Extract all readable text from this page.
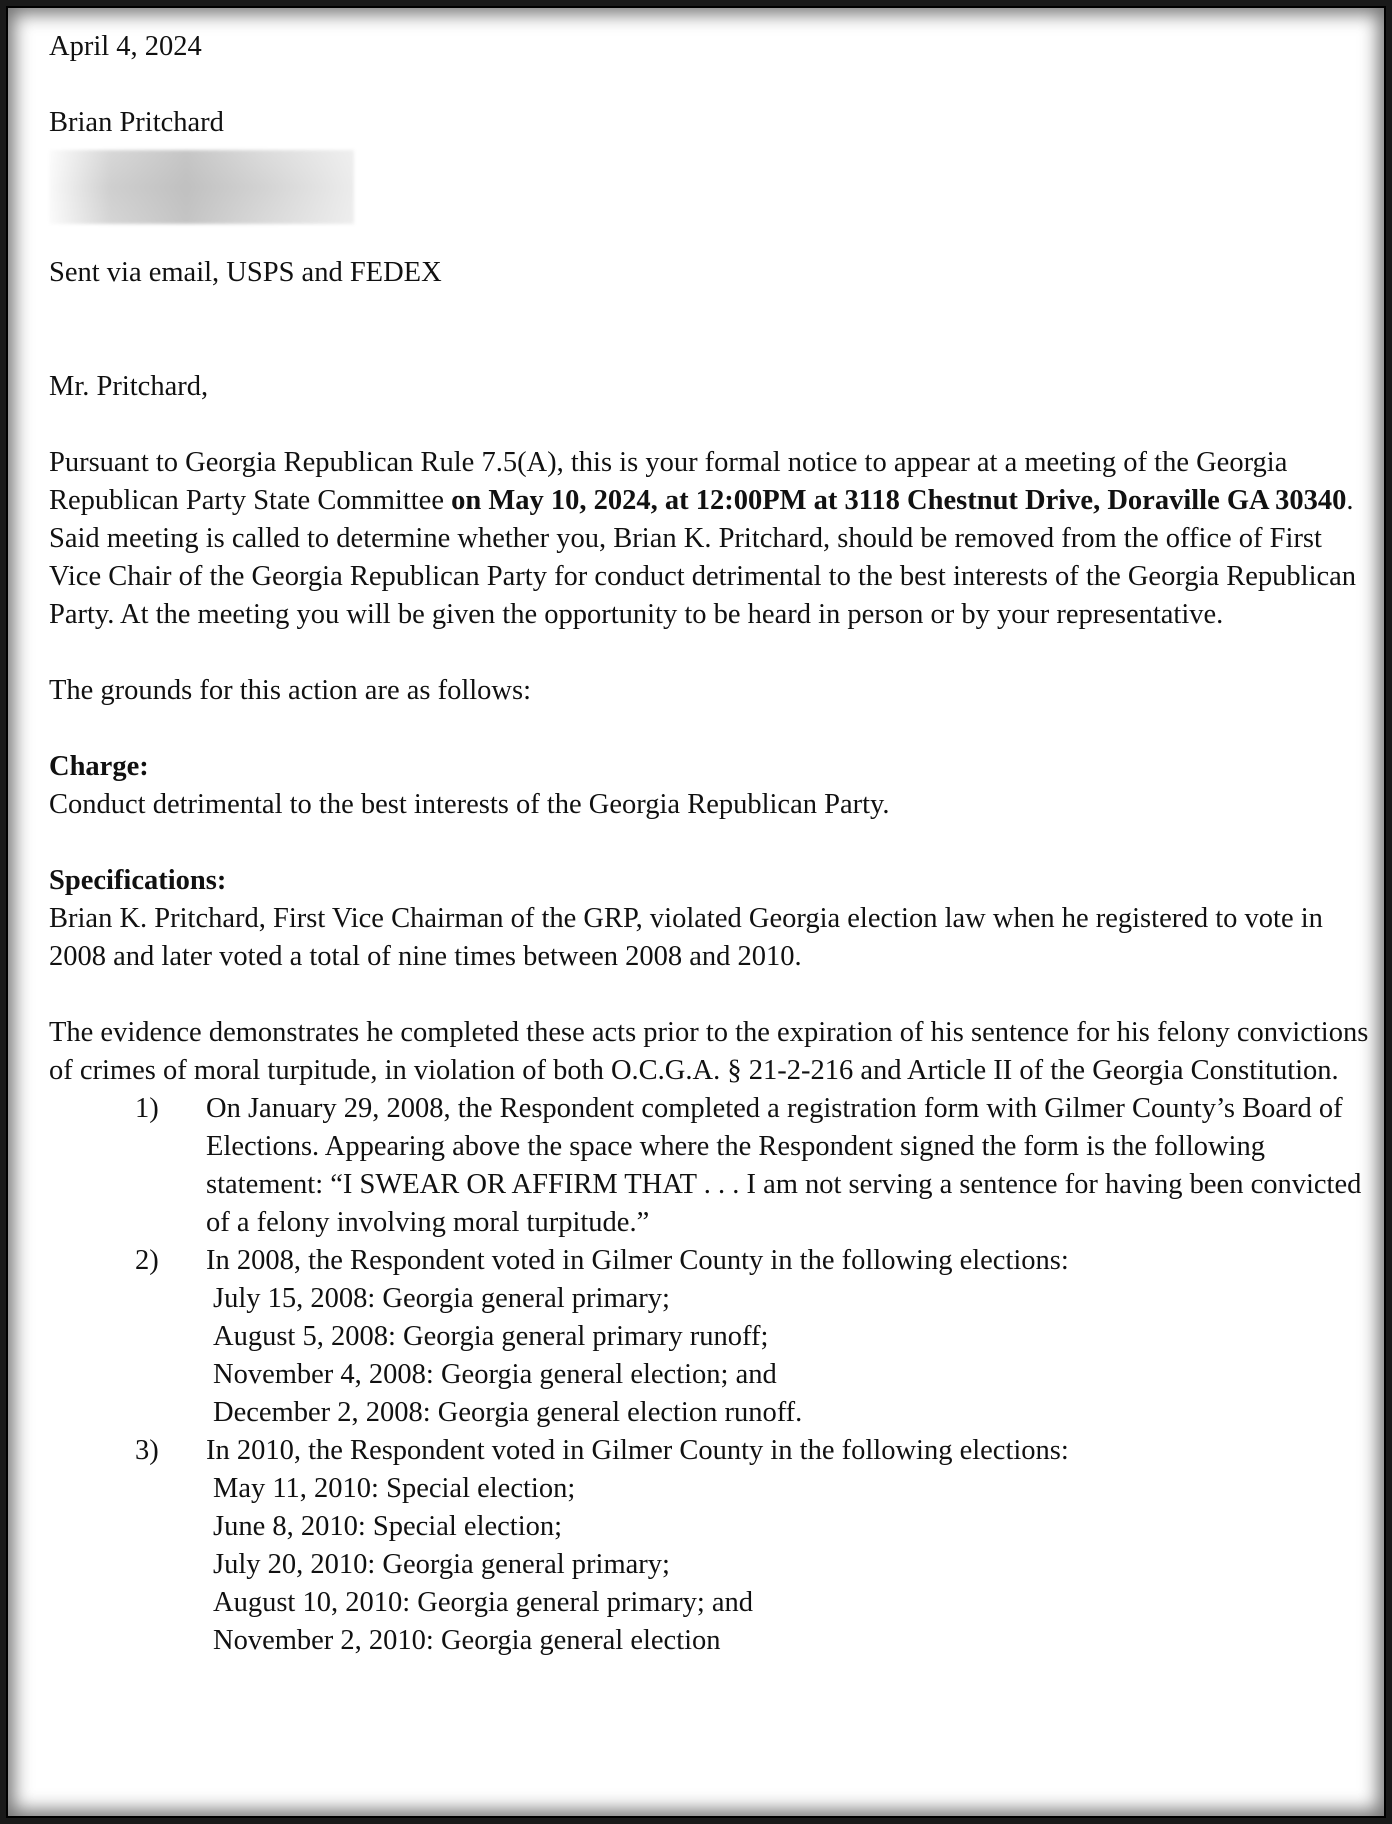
April 4, 2024

Brian Pritchard

Sent via email, USPS and FEDEX

Mr. Pritchard,

Pursuant to Georgia Republican Rule 7.5(A), this is your formal notice to appear at a meeting of the Georgia Republican Party State Committee on May 10, 2024, at 12:00PM at 3118 Chestnut Drive, Doraville GA 30340. Said meeting is called to determine whether you, Brian K. Pritchard, should be removed from the office of First Vice Chair of the Georgia Republican Party for conduct detrimental to the best interests of the Georgia Republican Party. At the meeting you will be given the opportunity to be heard in person or by your representative.

The grounds for this action are as follows:

Charge:

Conduct detrimental to the best interests of the Georgia Republican Party.

Specifications:

Brian K. Pritchard, First Vice Chairman of the GRP, violated Georgia election law when he registered to vote in 2008 and later voted a total of nine times between 2008 and 2010.

The evidence demonstrates he completed these acts prior to the expiration of his sentence for his felony convictions of crimes of moral turpitude, in violation of both O.C.G.A. § 21-2-216 and Article II of the Georgia Constitution.

1) On January 29, 2008, the Respondent completed a registration form with Gilmer County’s Board of Elections. Appearing above the space where the Respondent signed the form is the following statement: “I SWEAR OR AFFIRM THAT . . . I am not serving a sentence for having been convicted of a felony involving moral turpitude.”
2) In 2008, the Respondent voted in Gilmer County in the following elections:
July 15, 2008: Georgia general primary;
August 5, 2008: Georgia general primary runoff;
November 4, 2008: Georgia general election; and
December 2, 2008: Georgia general election runoff.
3) In 2010, the Respondent voted in Gilmer County in the following elections:
May 11, 2010: Special election;
June 8, 2010: Special election;
July 20, 2010: Georgia general primary;
August 10, 2010: Georgia general primary; and
November 2, 2010: Georgia general election
